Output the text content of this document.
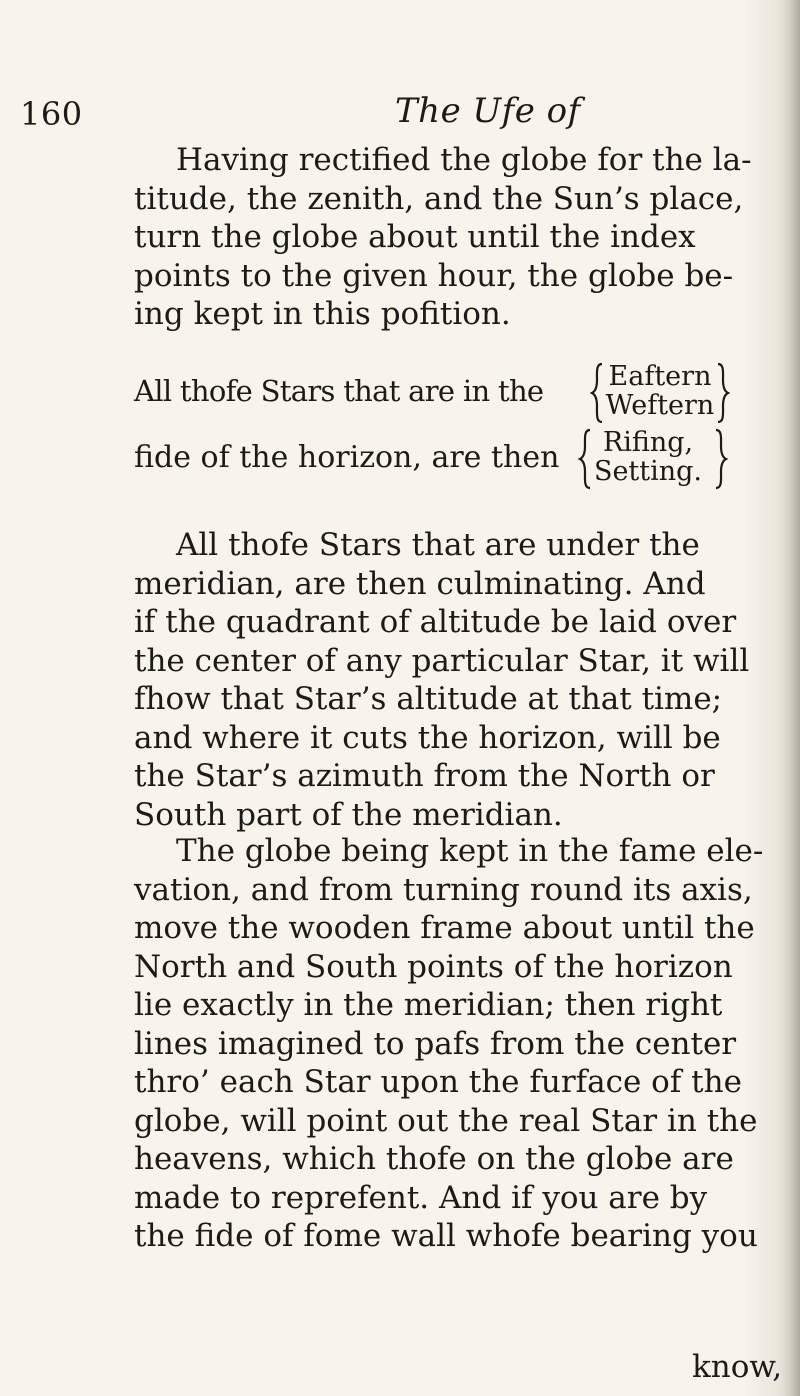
160	The Ufe of
Having rectified the globe for the la-
titude, the zenith, and the Sun’s place,
turn the globe about until the index
points to the given hour, the globe be-
ing kept in this pofition.
All thofe Stars that are in the Eaftern
Weftern
fide of the horizon, are then	Rifing,
Setting.
All thofe Stars that are under the
meridian, are then culminating. And
if the quadrant of altitude be laid over
the center of any particular Star, it will
fhow that Star’s altitude at that time;
and where it cuts the horizon, will be
the Star’s azimuth from the North or
South part of the meridian.
The globe being kept in the fame ele-
vation, and from turning round its axis,
move the wooden frame about until the
North and South points of the horizon
lie exactly in the meridian; then right
lines imagined to pafs from the center
thro’ each Star upon the furface of the
globe, will point out the real Star in the
heavens, which thofe on the globe are
made to reprefent. And if you are by
the fide of fome wall whofe bearing you
know,
